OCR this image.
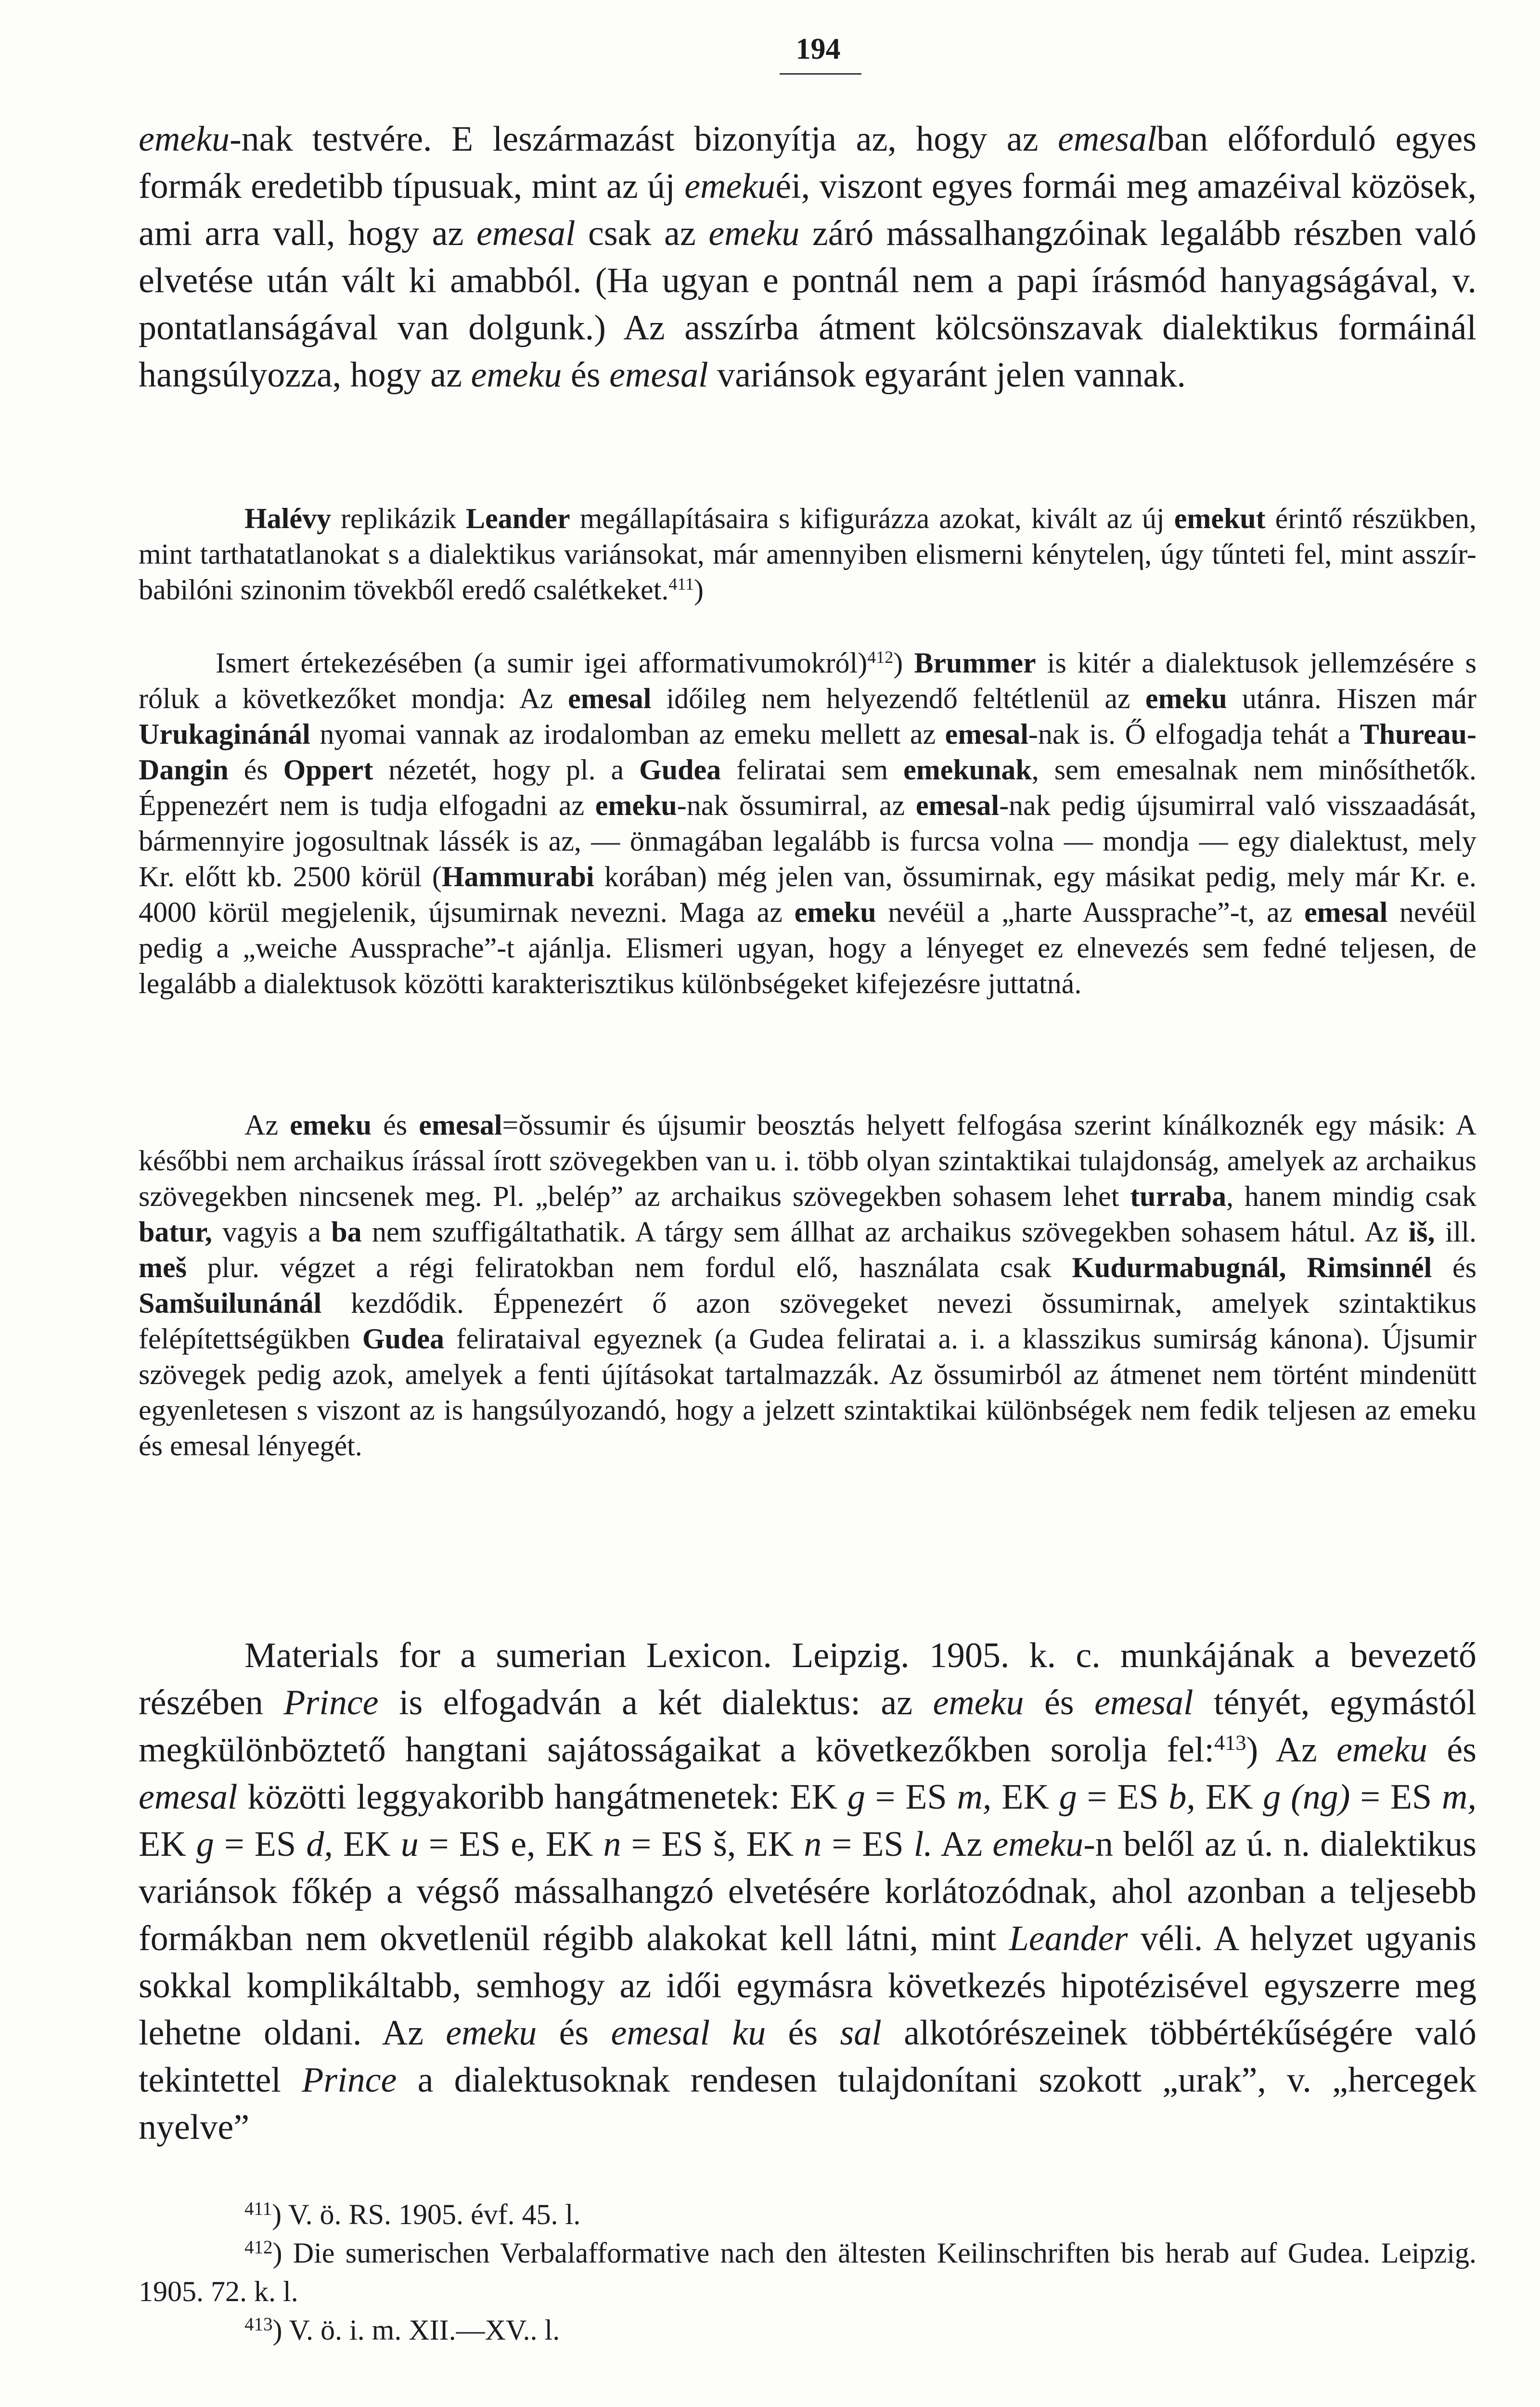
194

emeku-nak testvére. E leszármazást bizonyítja az, hogy az emesalban előforduló egyes formák eredetibb típusuak, mint az új emekuéi, viszont egyes formái meg amazéival közösek, ami arra vall, hogy az emesal csak az emeku záró mássalhangzóinak legalább részben való elvetése után vált ki amabból. (Ha ugyan e pontnál nem a papi írásmód hanyagságával, v. pontatlanságával van dolgunk.) Az asszírba átment kölcsönszavak dialektikus formáinál hangsúlyozza, hogy az emeku és emesal variánsok egyaránt jelen vannak.

Halévy replikázik Leander megállapításaira s kifigurázza azokat, kivált az új emekut érintő részükben, mint tarthatatlanokat s a dialektikus variánsokat, már amennyiben elismerni kényteleη, úgy tűnteti fel, mint asszír-babilóni szinonim tövekből eredő csalétkeket.$^{411}$)

Ismert értekezésében (a sumir igei afformativumokról)$^{412}$) Brummer is kitér a dialektusok jellemzésére s róluk a következőket mondja: Az emesal időileg nem helyezendő feltétlenül az emeku utánra. Hiszen már Urukaginánál nyomai vannak az irodalomban az emeku mellett az emesal-nak is. Ő elfogadja tehát a Thureau-Dangin és Oppert nézetét, hogy pl. a Gudea feliratai sem emekunak, sem emesalnak nem minősíthetők. Éppenezért nem is tudja elfogadni az emeku-nak ŏssumirral, az emesal-nak pedig újsumirral való visszaadását, bármennyire jogosultnak lássék is az, — önmagában legalább is furcsa volna — mondja — egy dialektust, mely Kr. előtt kb. 2500 körül (Hammurabi korában) még jelen van, ŏssumirnak, egy másikat pedig, mely már Kr. e. 4000 körül megjelenik, újsumirnak nevezni. Maga az emeku nevéül a „harte Aussprache”-t, az emesal nevéül pedig a „weiche Aussprache”-t ajánlja. Elismeri ugyan, hogy a lényeget ez elnevezés sem fedné teljesen, de legalább a dialektusok közötti karakterisztikus különbségeket kifejezésre juttatná.

Az emeku és emesal=ŏssumir és újsumir beosztás helyett felfogása szerint kínálkoznék egy másik: A későbbi nem archaikus írással írott szövegekben van u. i. több olyan szintaktikai tulajdonság, amelyek az archaikus szövegekben nincsenek meg. Pl. „belép” az archaikus szövegekben sohasem lehet turraba, hanem mindig csak batur, vagyis a ba nem szuffigáltathatik. A tárgy sem állhat az archaikus szövegekben sohasem hátul. Az iš, ill. meš plur. végzet a régi feliratokban nem fordul elő, használata csak Kudurmabugnál, Rimsinnél és Samšuilunánál kezdődik. Éppenezért ő azon szövegeket nevezi ŏssumirnak, amelyek szintaktikus felépítettségükben Gudea felirataival egyeznek (a Gudea feliratai a. i. a klasszikus sumirság kánona). Újsumir szövegek pedig azok, amelyek a fenti újításokat tartalmazzák. Az ŏssumirból az átmenet nem történt mindenütt egyenletesen s viszont az is hangsúlyozandó, hogy a jelzett szintaktikai különbségek nem fedik teljesen az emeku és emesal lényegét.

Materials for a sumerian Lexicon. Leipzig. 1905. k. c. munkájának a bevezető részében Prince is elfogadván a két dialektus: az emeku és emesal tényét, egymástól megkülönböztető hangtani sajátosságaikat a következőkben sorolja fel:$^{413}$) Az emeku és emesal közötti leggyakoribb hangátmenetek: EK g = ES m, EK g = ES b, EK g (ng) = ES m, EK g = ES d, EK u = ES e, EK n = ES š, EK n = ES l. Az emeku-n belől az ú. n. dialektikus variánsok főkép a végső mássalhangzó elvetésére korlátozódnak, ahol azonban a teljesebb formákban nem okvetlenül régibb alakokat kell látni, mint Leander véli. A helyzet ugyanis sokkal komplikáltabb, semhogy az idői egymásra következés hipotézisével egyszerre meg lehetne oldani. Az emeku és emesal ku és sal alkotórészeinek többértékűségére való tekintettel Prince a dialektusoknak rendesen tulajdonítani szokott „urak”, v. „hercegek nyelve”

$^{411}$) V. ö. RS. 1905. évf. 45. l.
$^{412}$) Die sumerischen Verbalafformative nach den ältesten Keilinschriften bis herab auf Gudea. Leipzig. 1905. 72. k. l.
$^{413}$) V. ö. i. m. XII.—XV.. l.
